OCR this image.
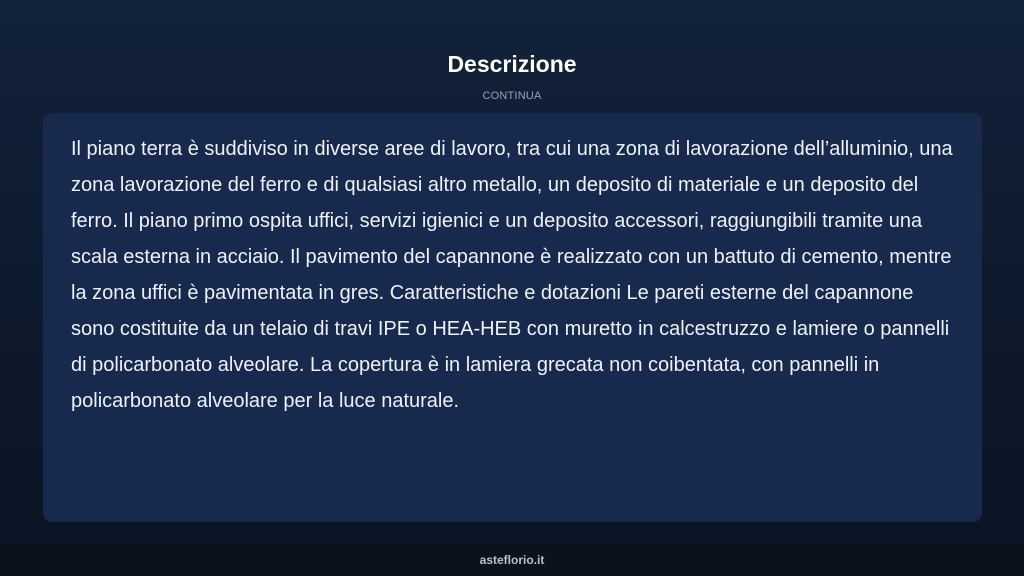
Descrizione
CONTINUA

Il piano terra è suddiviso in diverse aree di lavoro, tra cui una zona di lavorazione dell’alluminio, una zona lavorazione del ferro e di qualsiasi altro metallo, un deposito di materiale e un deposito del ferro. Il piano primo ospita uffici, servizi igienici e un deposito accessori, raggiungibili tramite una scala esterna in acciaio. Il pavimento del capannone è realizzato con un battuto di cemento, mentre la zona uffici è pavimentata in gres. Caratteristiche e dotazioni Le pareti esterne del capannone sono costituite da un telaio di travi IPE o HEA-HEB con muretto in calcestruzzo e lamiere o pannelli di policarbonato alveolare. La copertura è in lamiera grecata non coibentata, con pannelli in policarbonato alveolare per la luce naturale.

asteflorio.it
